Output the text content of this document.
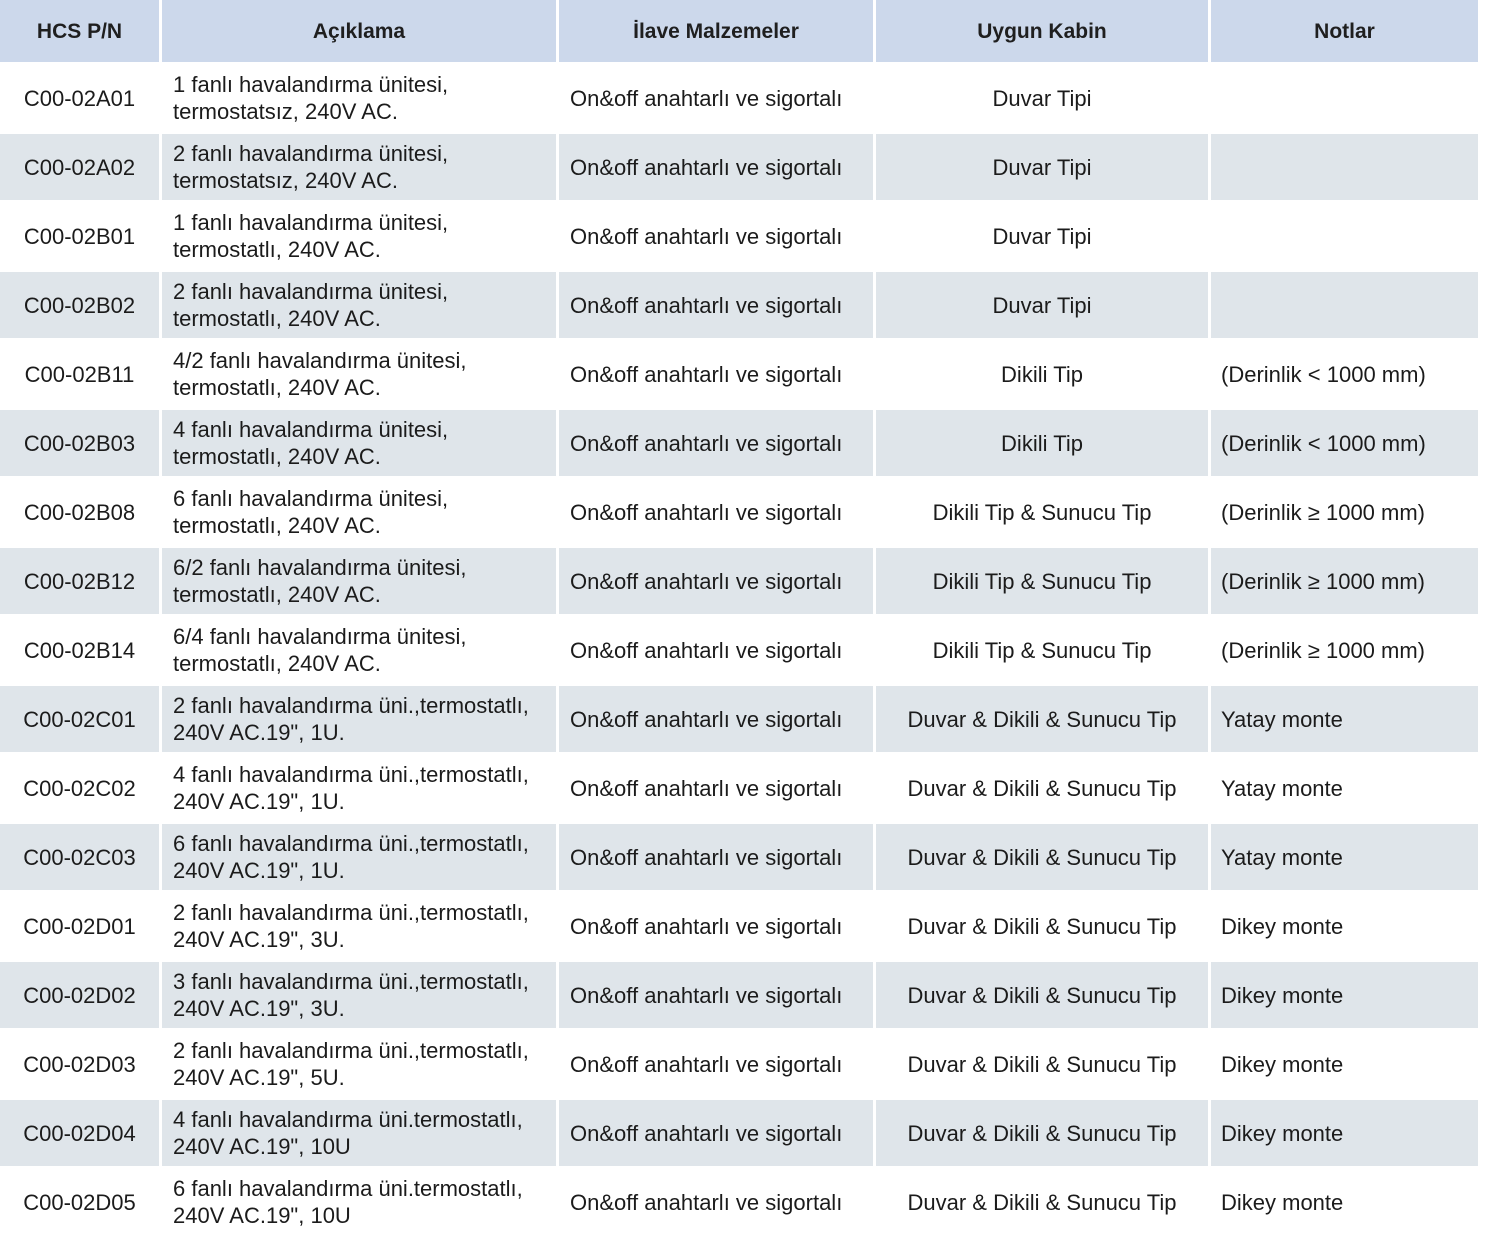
HCS P/N	Açıklama	İlave Malzemeler	Uygun Kabin	Notlar
C00-02A01
1 fanlı havalandırma ünitesi,
termostatsız, 240V AC.
On&off anahtarlı ve sigortalı	Duvar Tipi
C00-02A02
2 fanlı havalandırma ünitesi,
termostatsız, 240V AC.
On&off anahtarlı ve sigortalı	Duvar Tipi
C00-02B01
1 fanlı havalandırma ünitesi,
termostatlı, 240V AC.
On&off anahtarlı ve sigortalı	Duvar Tipi
C00-02B02
2 fanlı havalandırma ünitesi,
termostatlı, 240V AC.
On&off anahtarlı ve sigortalı	Duvar Tipi
C00-02B11
4/2 fanlı havalandırma ünitesi,
termostatlı, 240V AC.
On&off anahtarlı ve sigortalı	Dikili Tip	(Derinlik < 1000 mm)
C00-02B03
4 fanlı havalandırma ünitesi,
termostatlı, 240V AC.
On&off anahtarlı ve sigortalı	Dikili Tip	(Derinlik < 1000 mm)
C00-02B08
6 fanlı havalandırma ünitesi,
termostatlı, 240V AC.
On&off anahtarlı ve sigortalı	Dikili Tip & Sunucu Tip	(Derinlik ≥ 1000 mm)
C00-02B12
6/2 fanlı havalandırma ünitesi,
termostatlı, 240V AC.
On&off anahtarlı ve sigortalı	Dikili Tip & Sunucu Tip	(Derinlik ≥ 1000 mm)
C00-02B14
6/4 fanlı havalandırma ünitesi,
termostatlı, 240V AC.
On&off anahtarlı ve sigortalı	Dikili Tip & Sunucu Tip	(Derinlik ≥ 1000 mm)
C00-02C01
2 fanlı havalandırma üni.,termostatlı,
240V AC.19", 1U.
On&off anahtarlı ve sigortalı	Duvar & Dikili & Sunucu Tip	Yatay monte
C00-02C02
4 fanlı havalandırma üni.,termostatlı,
240V AC.19", 1U.
On&off anahtarlı ve sigortalı	Duvar & Dikili & Sunucu Tip	Yatay monte
C00-02C03
6 fanlı havalandırma üni.,termostatlı,
240V AC.19", 1U.
On&off anahtarlı ve sigortalı	Duvar & Dikili & Sunucu Tip	Yatay monte
C00-02D01
2 fanlı havalandırma üni.,termostatlı,
240V AC.19", 3U.
On&off anahtarlı ve sigortalı	Duvar & Dikili & Sunucu Tip	Dikey monte
C00-02D02
3 fanlı havalandırma üni.,termostatlı,
240V AC.19", 3U.
On&off anahtarlı ve sigortalı	Duvar & Dikili & Sunucu Tip	Dikey monte
C00-02D03
2 fanlı havalandırma üni.,termostatlı,
240V AC.19", 5U.
On&off anahtarlı ve sigortalı	Duvar & Dikili & Sunucu Tip	Dikey monte
C00-02D04
4 fanlı havalandırma üni.termostatlı,
240V AC.19", 10U
On&off anahtarlı ve sigortalı	Duvar & Dikili & Sunucu Tip	Dikey monte
C00-02D05
6 fanlı havalandırma üni.termostatlı,
240V AC.19", 10U
On&off anahtarlı ve sigortalı	Duvar & Dikili & Sunucu Tip	Dikey monte
